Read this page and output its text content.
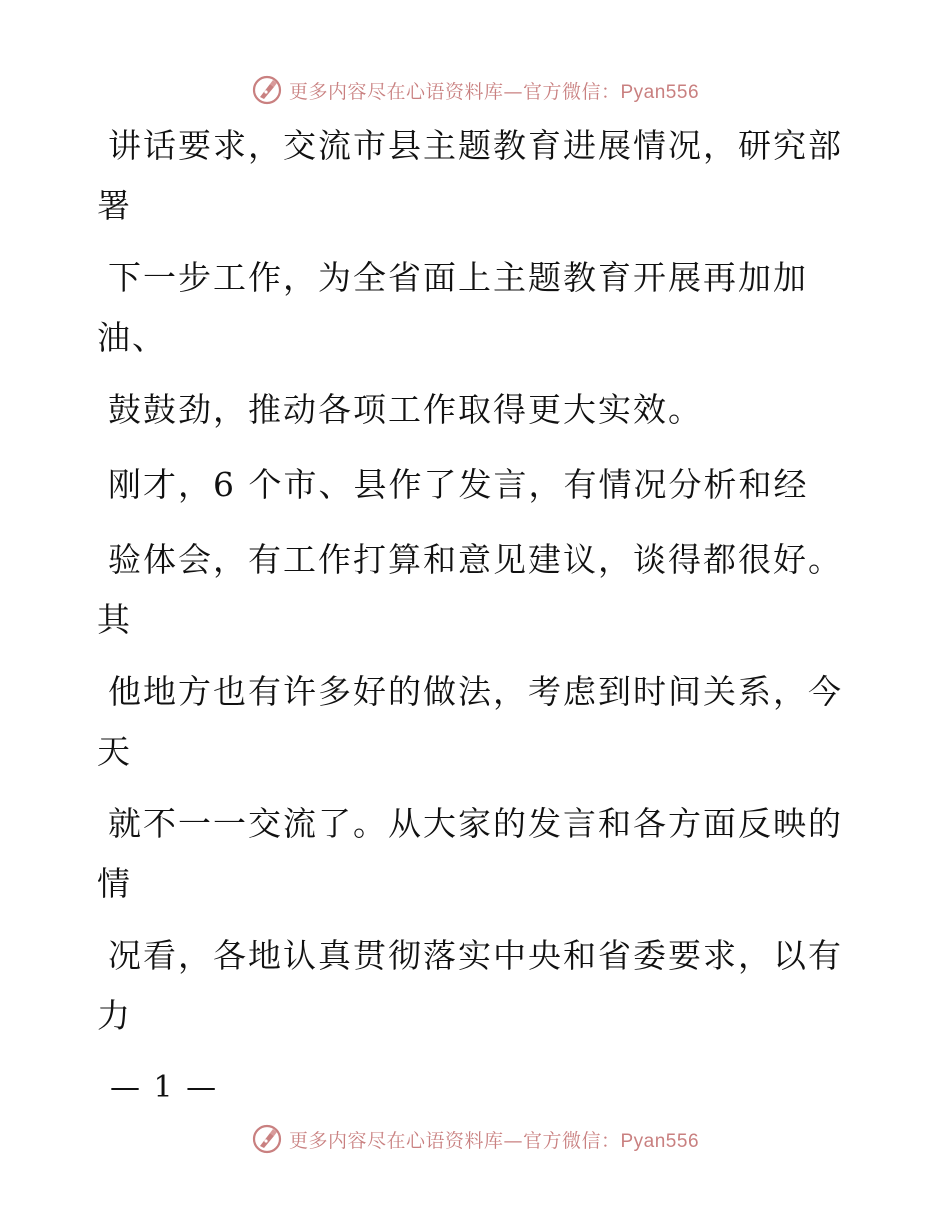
更多内容尽在心语资料库—官方微信：Pyan556

讲话要求，交流市县主题教育进展情况，研究部

署

下一步工作，为全省面上主题教育开展再加加

油、

鼓鼓劲，推动各项工作取得更大实效。

刚才，6 个市、县作了发言，有情况分析和经

验体会，有工作打算和意见建议，谈得都很好。

其

他地方也有许多好的做法，考虑到时间关系，今

天

就不一一交流了。从大家的发言和各方面反映的

情

况看，各地认真贯彻落实中央和省委要求，以有

力

— 1 —
更多内容尽在心语资料库—官方微信：Pyan556
